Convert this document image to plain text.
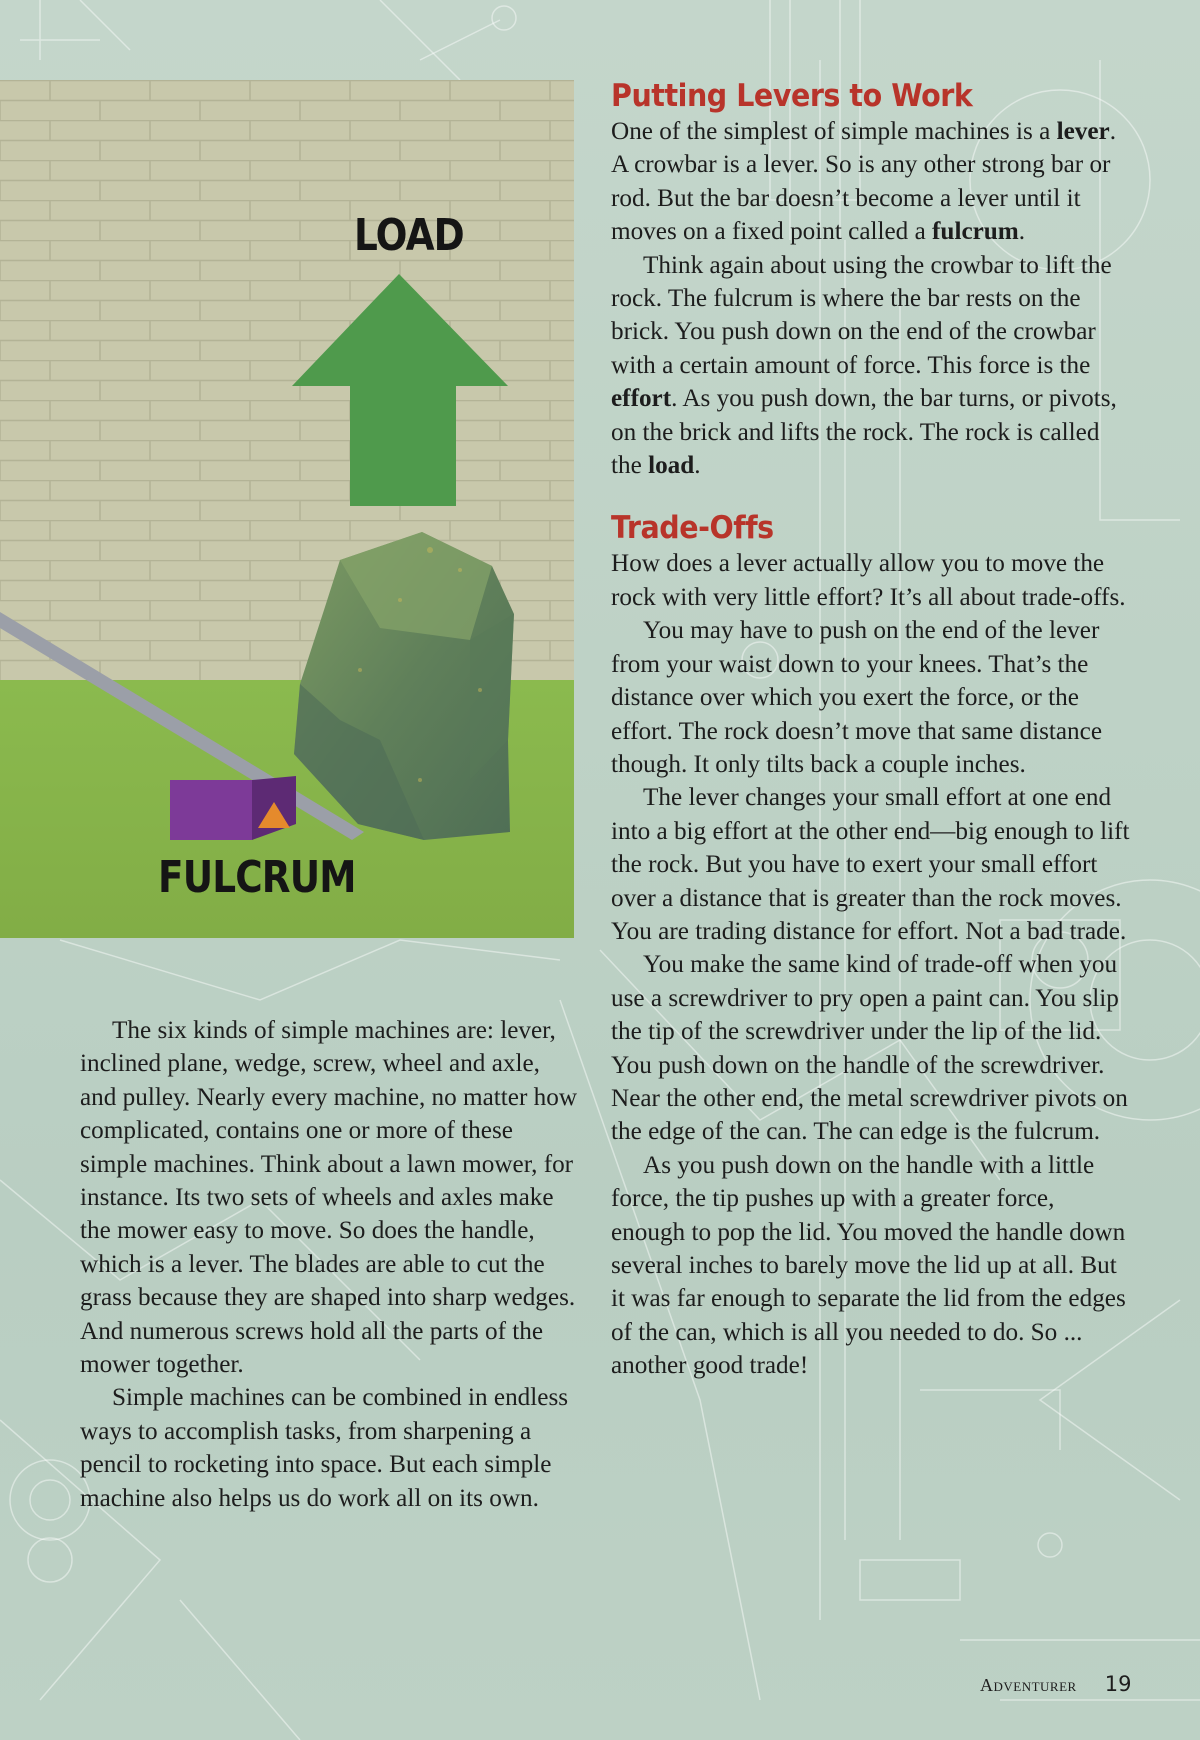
LOAD
FULCRUM

The six kinds of simple machines are: lever, inclined plane, wedge, screw, wheel and axle, and pulley. Nearly every machine, no matter how complicated, contains one or more of these simple machines. Think about a lawn mower, for instance. Its two sets of wheels and axles make the mower easy to move. So does the handle, which is a lever. The blades are able to cut the grass because they are shaped into sharp wedges. And numerous screws hold all the parts of the mower together.

Simple machines can be combined in endless ways to accomplish tasks, from sharpening a pencil to rocketing into space. But each simple machine also helps us do work all on its own.

Putting Levers to Work

One of the simplest of simple machines is a lever. A crowbar is a lever. So is any other strong bar or rod. But the bar doesn’t become a lever until it moves on a fixed point called a fulcrum.

Think again about using the crowbar to lift the rock. The fulcrum is where the bar rests on the brick. You push down on the end of the crowbar with a certain amount of force. This force is the effort. As you push down, the bar turns, or pivots, on the brick and lifts the rock. The rock is called the load.

Trade-Offs

How does a lever actually allow you to move the rock with very little effort? It’s all about trade-offs.

You may have to push on the end of the lever from your waist down to your knees. That’s the distance over which you exert the force, or the effort. The rock doesn’t move that same distance though. It only tilts back a couple inches.

The lever changes your small effort at one end into a big effort at the other end—big enough to lift the rock. But you have to exert your small effort over a distance that is greater than the rock moves. You are trading distance for effort. Not a bad trade.

You make the same kind of trade-off when you use a screwdriver to pry open a paint can. You slip the tip of the screwdriver under the lip of the lid. You push down on the handle of the screwdriver. Near the other end, the metal screwdriver pivots on the edge of the can. The can edge is the fulcrum.

As you push down on the handle with a little force, the tip pushes up with a greater force, enough to pop the lid. You moved the handle down several inches to barely move the lid up at all. But it was far enough to separate the lid from the edges of the can, which is all you needed to do. So ... another good trade!

Adventurer 19
